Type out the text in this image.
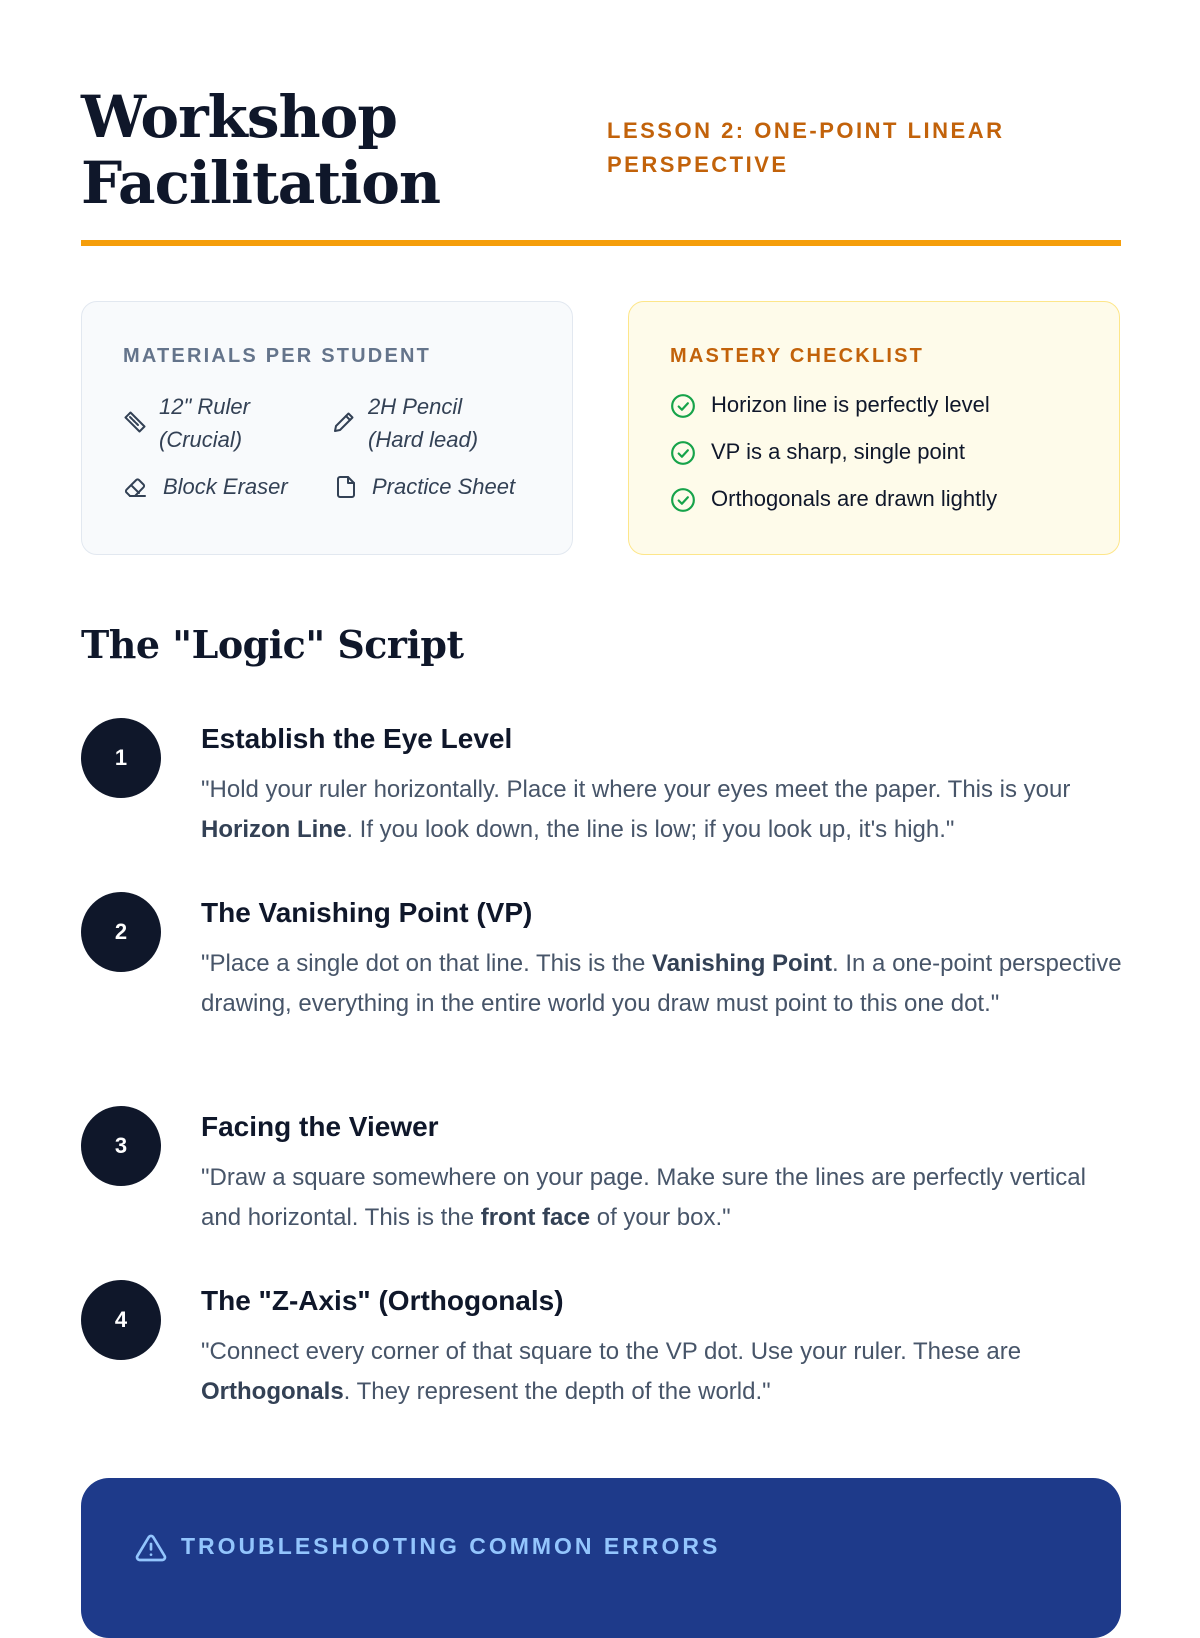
Workshop
Facilitation
LESSON 2: ONE-POINT LINEAR
PERSPECTIVE
MATERIALS PER STUDENT
12" Ruler
(Crucial)
2H Pencil
(Hard lead)
Block Eraser	Practice Sheet
MASTERY CHECKLIST
Horizon line is perfectly level
VP is a sharp, single point
Orthogonals are drawn lightly
The "Logic" Script
1
Establish the Eye Level

"Hold your ruler horizontally. Place it where your eyes meet the paper. This is your Horizon Line. If you look down, the line is low; if you look up, it's high."

2
The Vanishing Point (VP)

"Place a single dot on that line. This is the Vanishing Point. In a one-point perspective drawing, everything in the entire world you draw must point to this one dot."

3
Facing the Viewer

"Draw a square somewhere on your page. Make sure the lines are perfectly vertical and horizontal. This is the front face of your box."

4
The "Z-Axis" (Orthogonals)

"Connect every corner of that square to the VP dot. Use your ruler. These are Orthogonals. They represent the depth of the world."

TROUBLESHOOTING COMMON ERRORS
